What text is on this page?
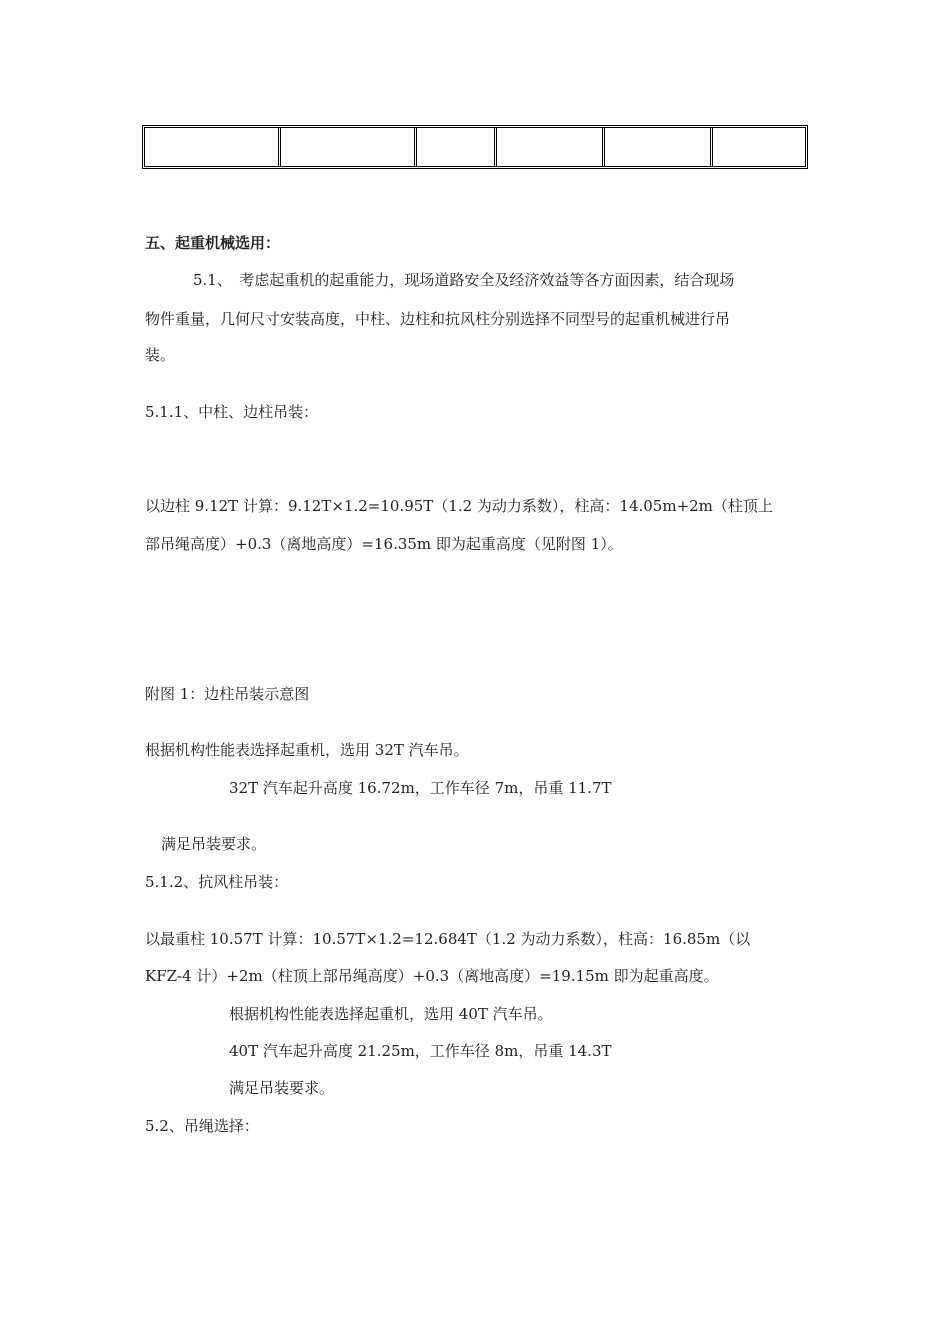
五、起重机械选用：
5.1、　考虑起重机的起重能力，现场道路安全及经济效益等各方面因素，结合现场
物件重量，几何尺寸安装高度，中柱、边柱和抗风柱分别选择不同型号的起重机械进行吊
装。
5.1.1、中柱、边柱吊装：
以边柱 9.12T 计算：9.12T×1.2=10.95T（1.2 为动力系数），柱高：14.05m+2m（柱顶上
部吊绳高度）+0.3（离地高度）=16.35m 即为起重高度（见附图 1）。
附图 1：边柱吊装示意图
根据机构性能表选择起重机，选用 32T 汽车吊。
32T 汽车起升高度 16.72m，工作车径 7m，吊重 11.7T
满足吊装要求。
5.1.2、抗风柱吊装：
以最重柱 10.57T 计算：10.57T×1.2=12.684T（1.2 为动力系数），柱高：16.85m（以
KFZ-4 计）+2m（柱顶上部吊绳高度）+0.3（离地高度）=19.15m 即为起重高度。
根据机构性能表选择起重机，选用 40T 汽车吊。
40T 汽车起升高度 21.25m，工作车径 8m，吊重 14.3T
满足吊装要求。
5.2、吊绳选择：
